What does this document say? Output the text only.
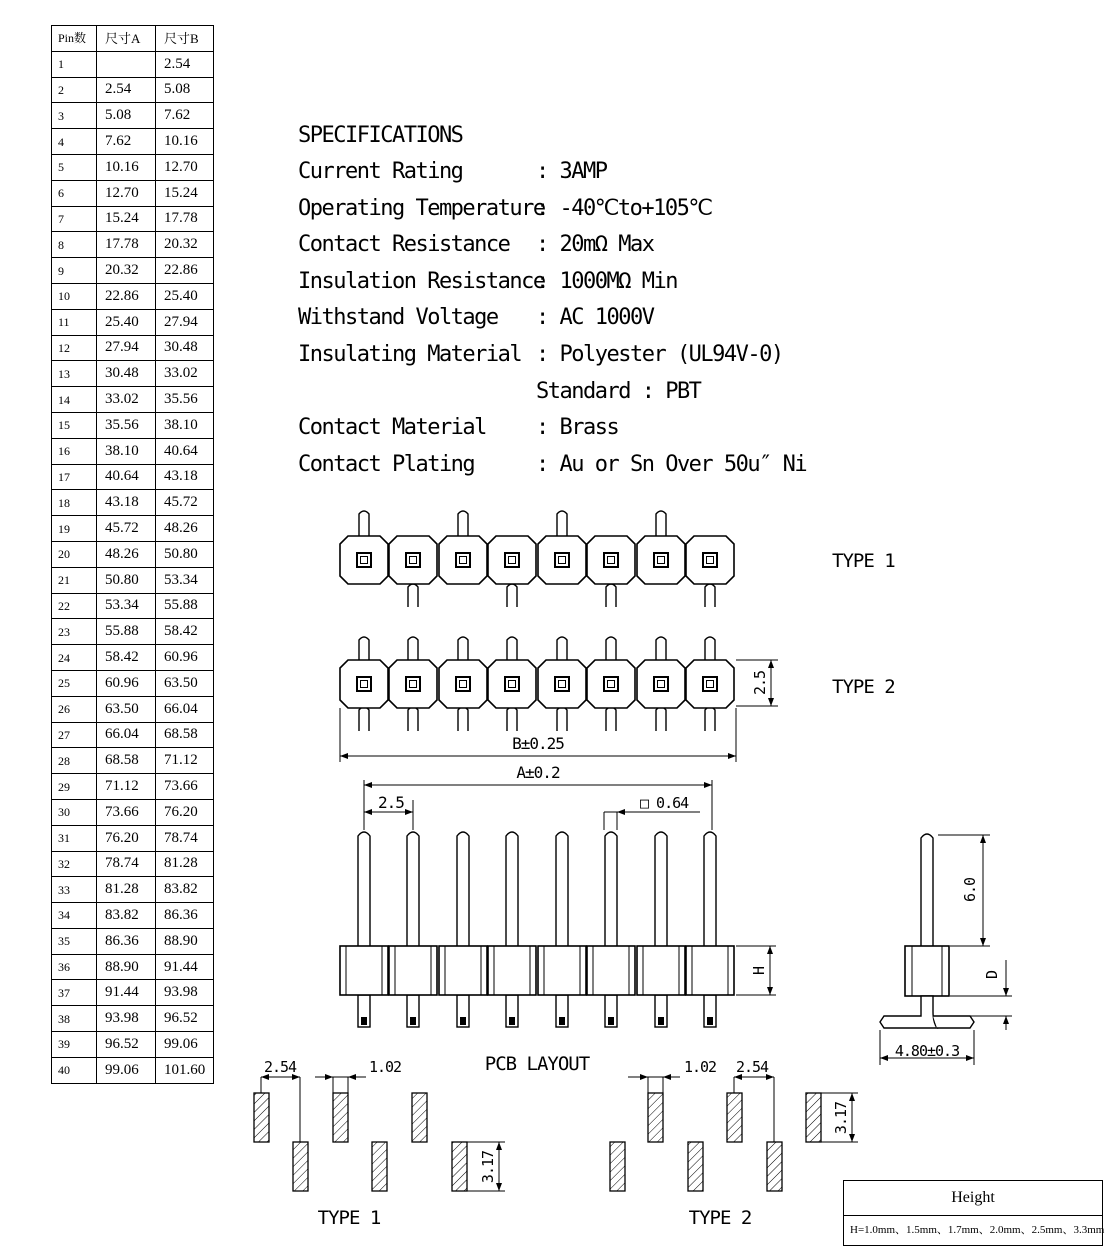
Pin数	尺寸A	尺寸B
1		2.54
2	2.54	5.08
3	5.08	7.62
4	7.62	10.16
5	10.16	12.70
6	12.70	15.24
7	15.24	17.78
8	17.78	20.32
9	20.32	22.86
10	22.86	25.40
11	25.40	27.94
12	27.94	30.48
13	30.48	33.02
14	33.02	35.56
15	35.56	38.10
16	38.10	40.64
17	40.64	43.18
18	43.18	45.72
19	45.72	48.26
20	48.26	50.80
21	50.80	53.34
22	53.34	55.88
23	55.88	58.42
24	58.42	60.96
25	60.96	63.50
26	63.50	66.04
27	66.04	68.58
28	68.58	71.12
29	71.12	73.66
30	73.66	76.20
31	76.20	78.74
32	78.74	81.28
33	81.28	83.82
34	83.82	86.36
35	86.36	88.90
36	88.90	91.44
37	91.44	93.98
38	93.98	96.52
39	96.52	99.06
40	99.06	101.60
SPECIFICATIONS
Current Rating	: 3AMP
Operating Temperature
: -40℃to+105℃
Contact Resistance : 20mΩ Max
Insulation Resistance
: 1000MΩ Min
Withstand Voltage : AC 1000V
Insulating Material : Polyester (UL94V-0)
Standard : PBT
Contact Material : Brass
Contact Plating	: Au or Sn Over 50u″ Ni
TYPE 1
TYPE 2
2.5
B±0.25
A±0.2
2.5	□ 0.64
H
6.0
D
4.80±0.3
PCB LAYOUT
2.54	1.02
3.17
TYPE 1
1.02 2.54
3.17
TYPE 2
Height
H=1.0mm、1.5mm、1.7mm、2.0mm、2.5mm、3.3mm
